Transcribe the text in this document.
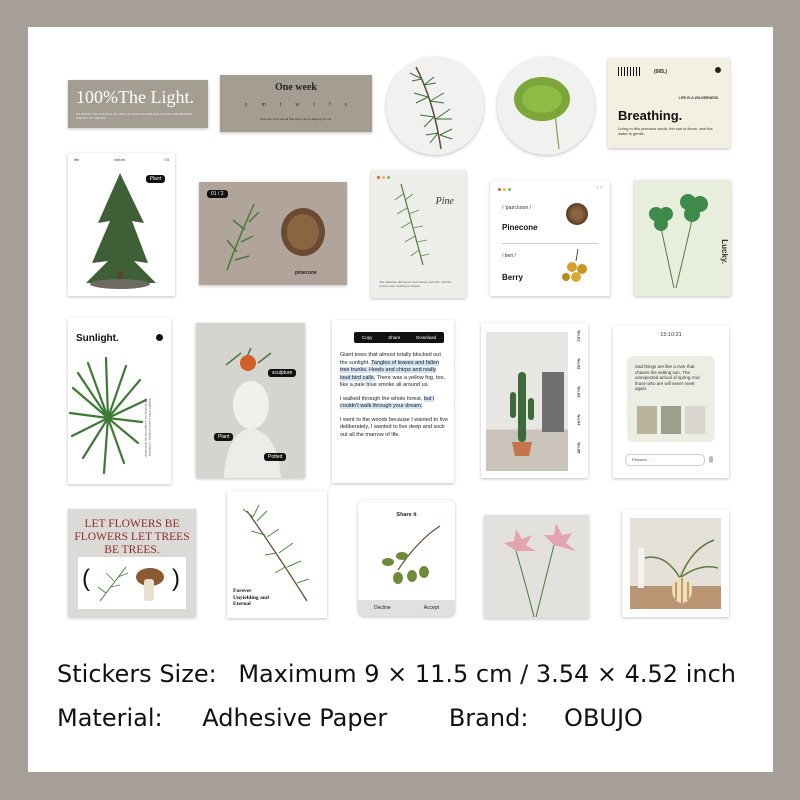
100%The Light.
I'LL BRING YOU A BUNCH OF LIGHT AT RAIN FALLING HIGH CLEAR THE BROKEN POETRY OF THE DAY
One week
s	m	t	w	t	f	s
Love can time and all that every day is aligning for me.
(065.)
LIFE IS A WILDERNESS
Breathing.
Living in this precious world, the sun is fierce, and the water is gentle.
life	nature	03
Plant
01 / 2
pinecone
Pine
The summer afternoon was breezy and still, and the world were looking in breeze.
‹ ›
/ 'paɪn,koʊn /
Pinecone
/ beri /
Berry
Lucky.
Sunlight.
Sunlight is like a warm embrace, comforting and pushing the sunlight into the illumination.
sculpture
Plant
Potted
Copy	Share	Download
Giant trees that almost totally blocked out the sunlight. Tangles of leaves and fallen tree trunks. Howls and chirps and really loud bird calls. There was a yellow fog, too, like a pale blue smoke all around us.
I walked through the whole forest, but I couldn't walk through your dream.
I went to the woods because I wanted to live deliberately, I wanted to live deep and suck out all the marrow of life.
No.01
No.02
No.03
No.04
No.05
15:10:21
Sad things are like a river that chases the setting sun, The unexpected arrival of spring.And those who are will never meet again.
Pictures ...
LET FLOWERS BE FLOWERS LET TREES BE TREES.
(	)	Forever Unyielding and Eternal
Share it
Decline	Accept
Stickers Size: Maximum 9 × 11.5 cm / 3.54 × 4.52 inch
Material: Adhesive Paper	Brand: OBUJO
